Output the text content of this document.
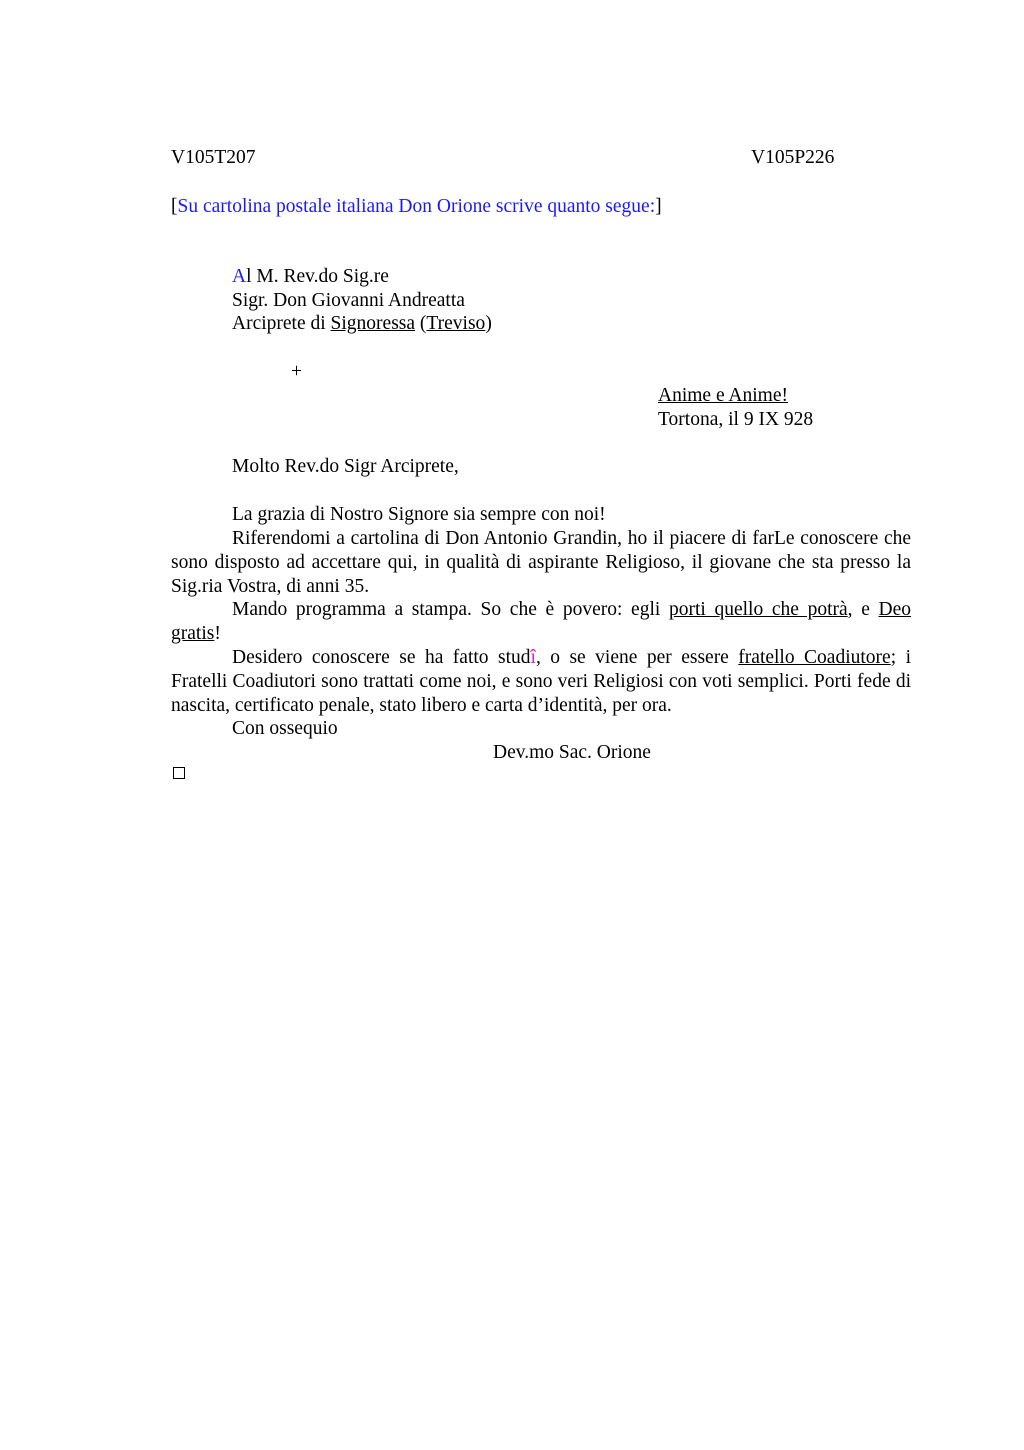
V105T207	V105P226
[Su cartolina postale italiana Don Orione scrive quanto segue:]
Al M. Rev.do Sig.re
Sigr. Don Giovanni Andreatta
Arciprete di Signoressa (Treviso)
+
Anime e Anime!
Tortona, il 9 IX 928
Molto Rev.do Sigr Arciprete,
La grazia di Nostro Signore sia sempre con noi!
Riferendomi a cartolina di Don Antonio Grandin, ho il piacere di farLe conoscere che sono disposto ad accettare qui, in qualità di aspirante Religioso, il giovane che sta presso la Sig.ria Vostra, di anni 35.
Mando programma a stampa. So che è povero: egli porti quello che potrà, e Deo gratis!
Desidero conoscere se ha fatto studî, o se viene per essere fratello Coadiutore; i Fratelli Coadiutori sono trattati come noi, e sono veri Religiosi con voti semplici. Porti fede di nascita, certificato penale, stato libero e carta d’identità, per ora.
Con ossequio
Dev.mo Sac. Orione
